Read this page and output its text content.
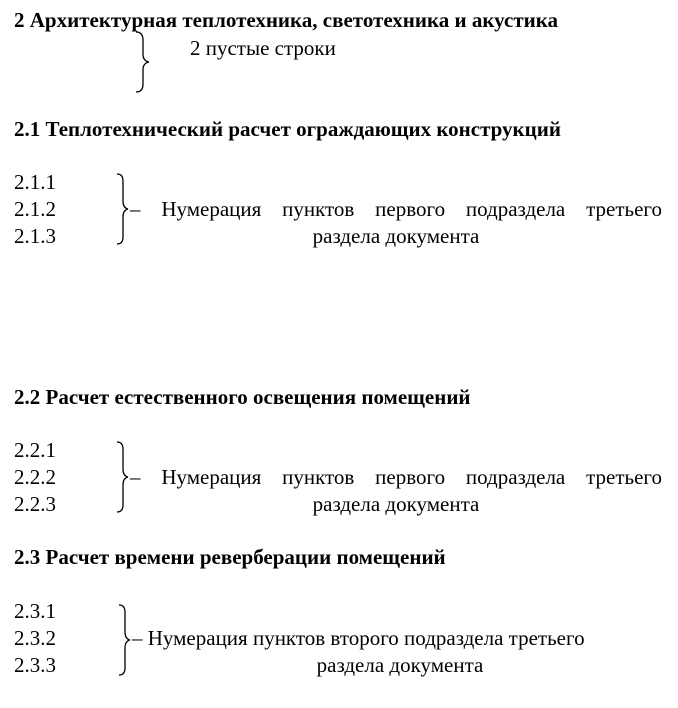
2 Архитектурная теплотехника, светотехника и акустика
2 пустые строки
2.1 Теплотехнический расчет ограждающих конструкций
2.1.1
2.1.2
2.1.3
– Нумерация пунктов первого подраздела третьего
раздела документа
2.2 Расчет естественного освещения помещений
2.2.1
2.2.2
2.2.3
– Нумерация пунктов первого подраздела третьего
раздела документа
2.3 Расчет времени реверберации помещений
2.3.1
2.3.2
2.3.3
– Нумерация пунктов второго подраздела третьего
раздела документа
